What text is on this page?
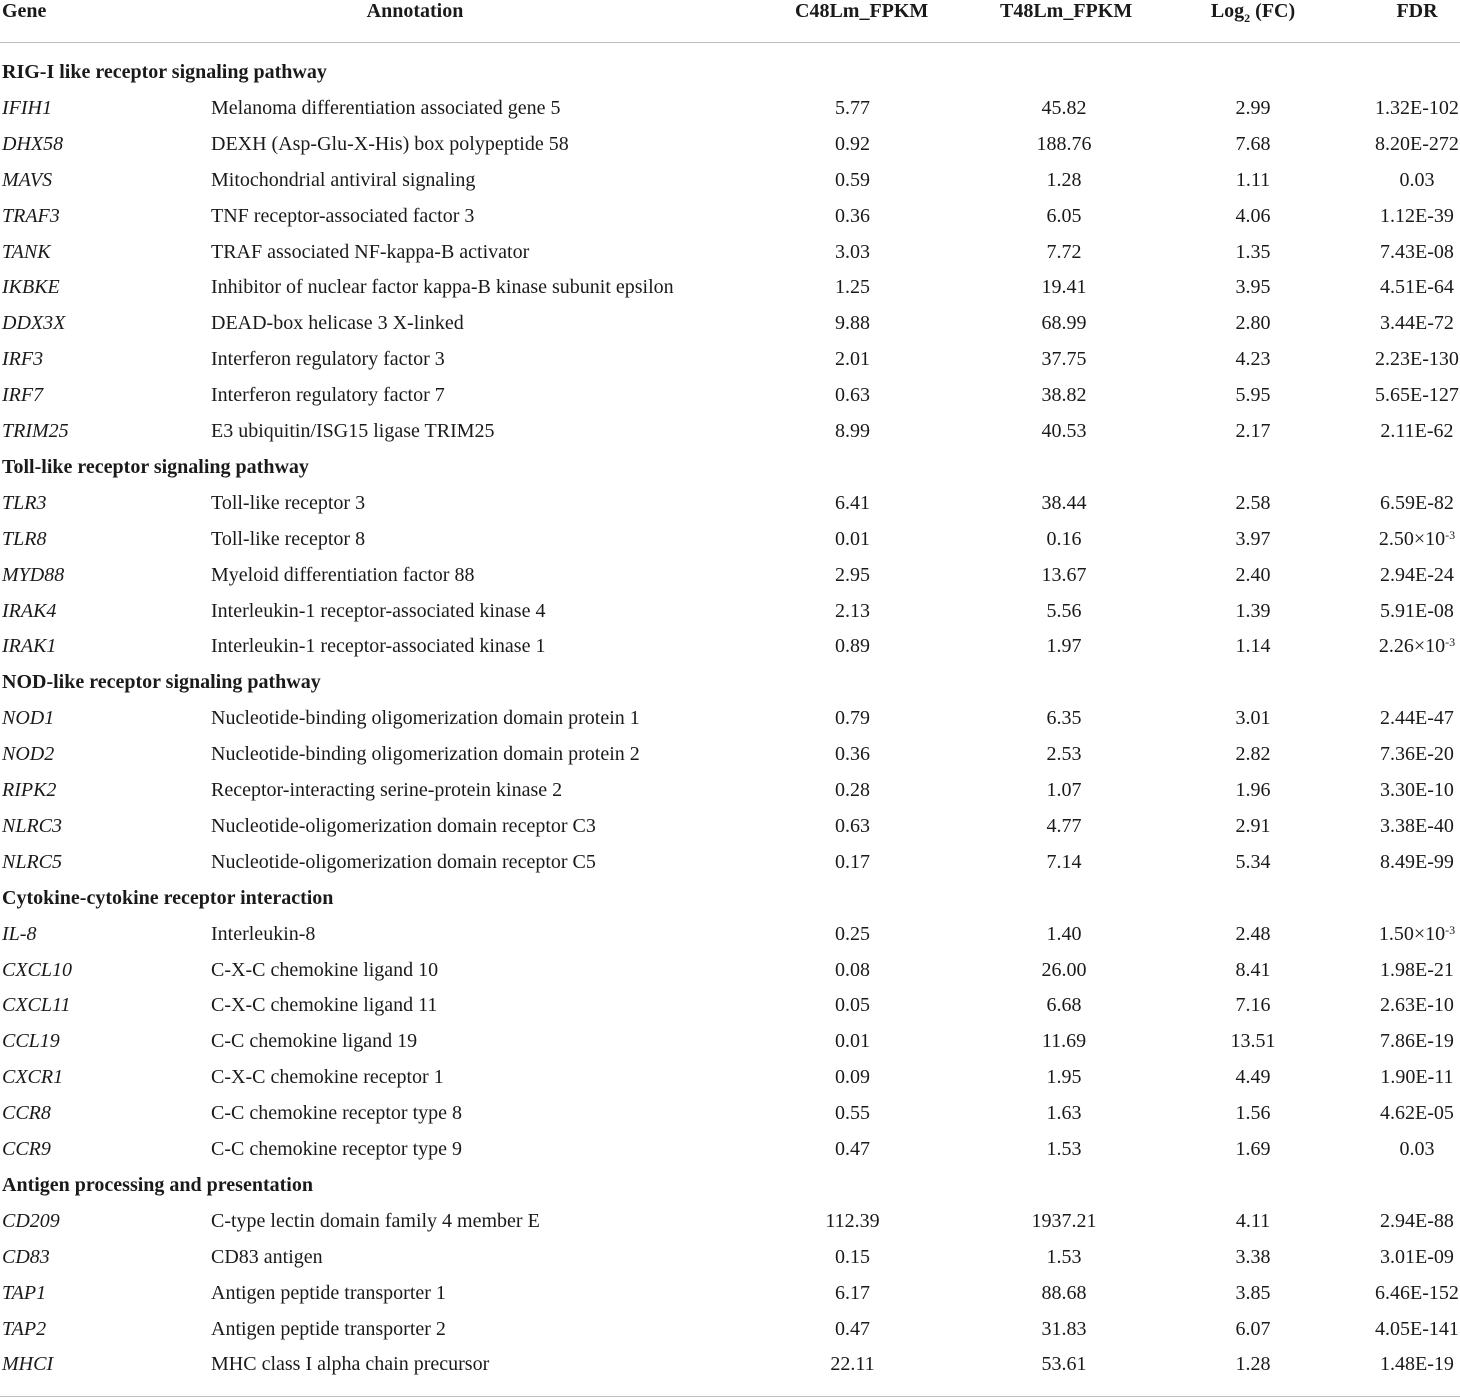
Gene	Annotation	C48Lm_FPKM	T48Lm_FPKM	Log$_2$ (FC)	FDR
RIG-I like receptor signaling pathway
IFIH1	Melanoma differentiation associated gene 5	5.77	45.82	2.99	1.32E-102
DHX58	DEXH (Asp-Glu-X-His) box polypeptide 58	0.92	188.76	7.68	8.20E-272
MAVS	Mitochondrial antiviral signaling	0.59	1.28	1.11	0.03
TRAF3	TNF receptor-associated factor 3	0.36	6.05	4.06	1.12E-39
TANK	TRAF associated NF-kappa-B activator	3.03	7.72	1.35	7.43E-08
IKBKE	Inhibitor of nuclear factor kappa-B kinase subunit epsilon	1.25	19.41	3.95	4.51E-64
DDX3X	DEAD-box helicase 3 X-linked	9.88	68.99	2.80	3.44E-72
IRF3	Interferon regulatory factor 3	2.01	37.75	4.23	2.23E-130
IRF7	Interferon regulatory factor 7	0.63	38.82	5.95	5.65E-127
TRIM25	E3 ubiquitin/ISG15 ligase TRIM25	8.99	40.53	2.17	2.11E-62
Toll-like receptor signaling pathway
TLR3	Toll-like receptor 3	6.41	38.44	2.58	6.59E-82
TLR8	Toll-like receptor 8	0.01	0.16	3.97	$2.50\times 10^{-3}$
MYD88	Myeloid differentiation factor 88	2.95	13.67	2.40	2.94E-24
IRAK4	Interleukin-1 receptor-associated kinase 4	2.13	5.56	1.39	5.91E-08
IRAK1	Interleukin-1 receptor-associated kinase 1	0.89	1.97	1.14	$2.26\times 10^{-3}$
NOD-like receptor signaling pathway
NOD1	Nucleotide-binding oligomerization domain protein 1	0.79	6.35	3.01	2.44E-47
NOD2	Nucleotide-binding oligomerization domain protein 2	0.36	2.53	2.82	7.36E-20
RIPK2	Receptor-interacting serine-protein kinase 2	0.28	1.07	1.96	3.30E-10
NLRC3	Nucleotide-oligomerization domain receptor C3	0.63	4.77	2.91	3.38E-40
NLRC5	Nucleotide-oligomerization domain receptor C5	0.17	7.14	5.34	8.49E-99
Cytokine-cytokine receptor interaction
IL-8	Interleukin-8	0.25	1.40	2.48	$1.50\times 10^{-3}$
CXCL10	C-X-C chemokine ligand 10	0.08	26.00	8.41	1.98E-21
CXCL11	C-X-C chemokine ligand 11	0.05	6.68	7.16	2.63E-10
CCL19	C-C chemokine ligand 19	0.01	11.69	13.51	7.86E-19
CXCR1	C-X-C chemokine receptor 1	0.09	1.95	4.49	1.90E-11
CCR8	C-C chemokine receptor type 8	0.55	1.63	1.56	4.62E-05
CCR9	C-C chemokine receptor type 9	0.47	1.53	1.69	0.03
Antigen processing and presentation
CD209	C-type lectin domain family 4 member E	112.39	1937.21	4.11	2.94E-88
CD83	CD83 antigen	0.15	1.53	3.38	3.01E-09
TAP1	Antigen peptide transporter 1	6.17	88.68	3.85	6.46E-152
TAP2	Antigen peptide transporter 2	0.47	31.83	6.07	4.05E-141
MHCI	MHC class I alpha chain precursor	22.11	53.61	1.28	1.48E-19
